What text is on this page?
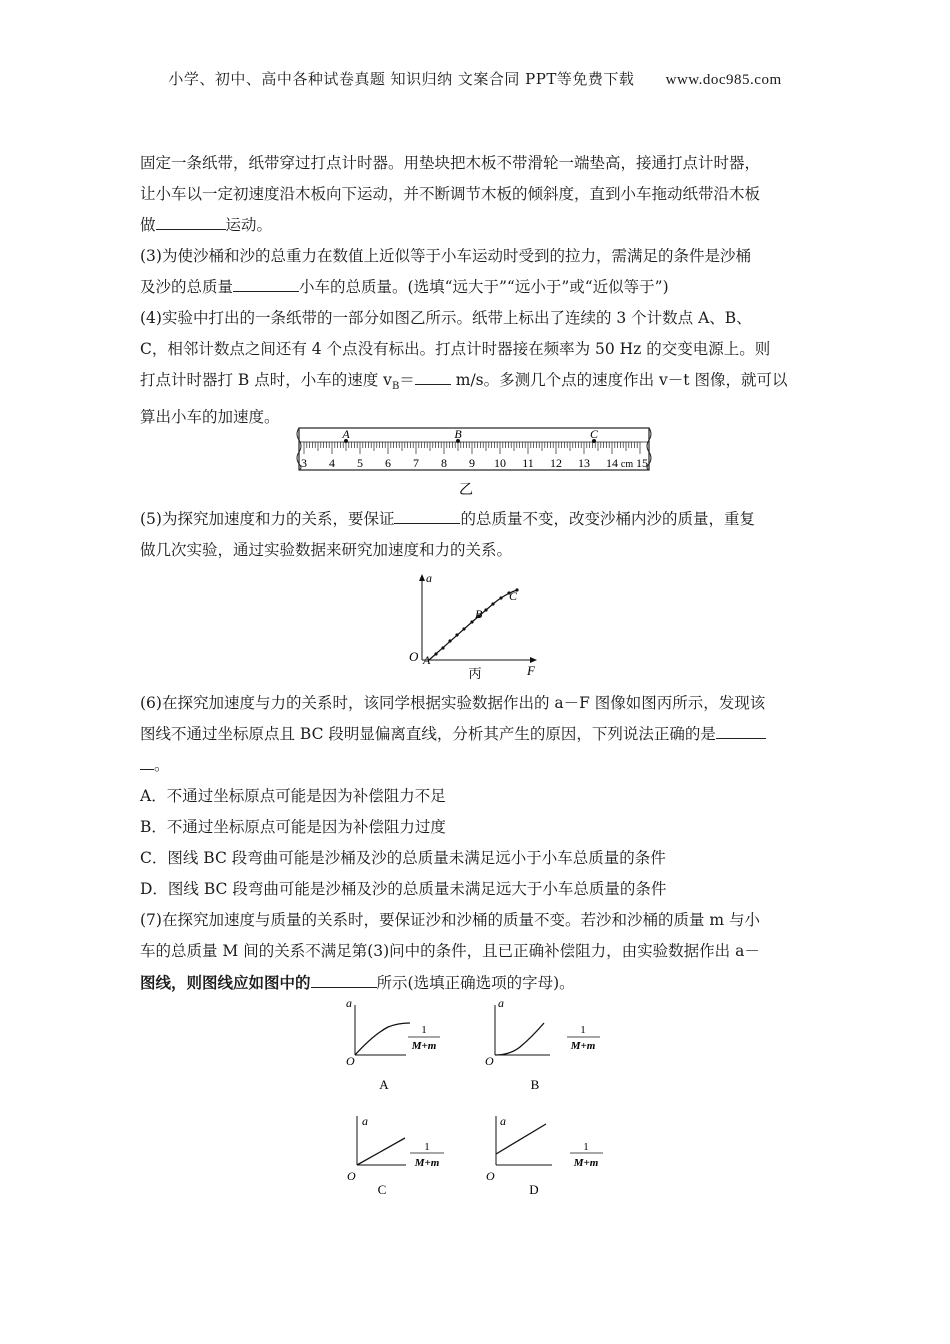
小学、初中、高中各种试卷真题 知识归纳 文案合同 PPT等免费下载 www.doc985.com

固定一条纸带，纸带穿过打点计时器。用垫块把木板不带滑轮一端垫高，接通打点计时器，

让小车以一定初速度沿木板向下运动，并不断调节木板的倾斜度，直到小车拖动纸带沿木板

做	运动。

(3)为使沙桶和沙的总重力在数值上近似等于小车运动时受到的拉力，需满足的条件是沙桶

及沙的总质量	小车的总质量。(选填“远大于”“远小于”或“近似等于”)

(4)实验中打出的一条纸带的一部分如图乙所示。纸带上标出了连续的 3 个计数点 A、B、

C，相邻计数点之间还有 4 个点没有标出。打点计时器接在频率为 50 Hz 的交变电源上。则

打点计时器打 B 点时，小车的速度 $v_B=$	m/s。多测几个点的速度作出 v－t 图像，就可以

算出小车的加速度。

3 4 5 6 7 8 9 10 11 12 13 14 cm 15
A	B	C
乙

(5)为探究加速度和力的关系，要保证	的总质量不变，改变沙桶内沙的质量，重复

做几次实验，通过实验数据来研究加速度和力的关系。

a
F
O A
B
C
丙

(6)在探究加速度与力的关系时，该同学根据实验数据作出的 a－F 图像如图丙所示，发现该

图线不通过坐标原点且 BC 段明显偏离直线，分析其产生的原因，下列说法正确的是

。

A．不通过坐标原点可能是因为补偿阻力不足

B．不通过坐标原点可能是因为补偿阻力过度

C．图线 BC 段弯曲可能是沙桶及沙的总质量未满足远小于小车总质量的条件

D．图线 BC 段弯曲可能是沙桶及沙的总质量未满足远大于小车总质量的条件

(7)在探究加速度与质量的关系时，要保证沙和沙桶的质量不变。若沙和沙桶的质量 m 与小

车的总质量 M 间的关系不满足第(3)问中的条件，且已正确补偿阻力，由实验数据作出 a－

图线，则图线应如图中的	所示(选填正确选项的字母)。

a
O
1
M+m
A
a
O
1
M+m
B
a
O
1
M+m
C
a
O
1
M+m
D
